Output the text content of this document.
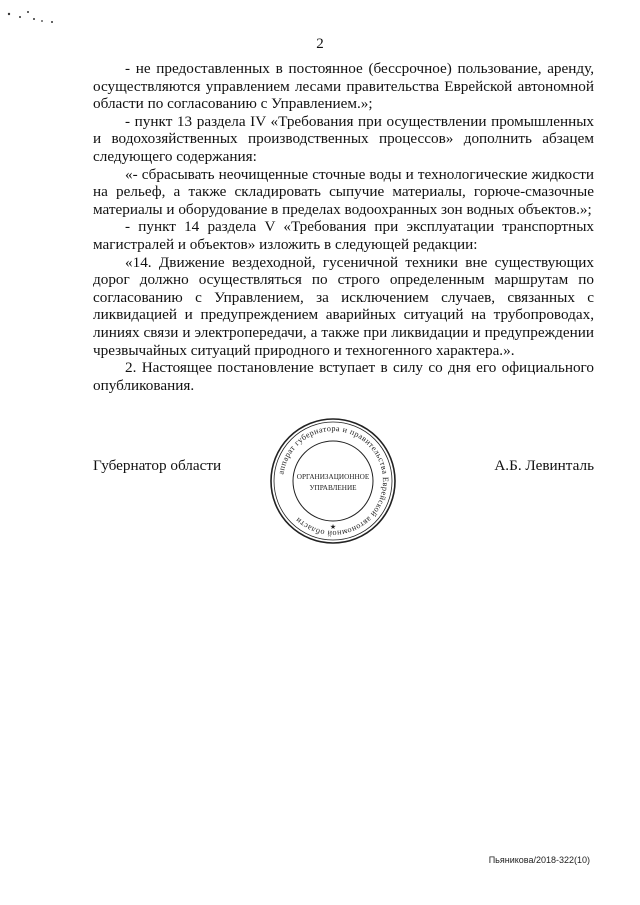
2

- не предоставленных в постоянное (бессрочное) пользование, аренду, осуществляются управлением лесами правительства Еврейской автономной области по согласованию с Управлением.»;

- пункт 13 раздела IV «Требования при осуществлении промышленных и водохозяйственных производственных процессов» дополнить абзацем следующего содержания:

«- сбрасывать неочищенные сточные воды и технологические жидкости на рельеф, а также складировать сыпучие материалы, горюче-смазочные материалы и оборудование в пределах водоохранных зон водных объектов.»;

- пункт 14 раздела V «Требования при эксплуатации транспортных магистралей и объектов» изложить в следующей редакции:

«14. Движение вездеходной, гусеничной техники вне существующих дорог должно осуществляться по строго определенным маршрутам по согласованию с Управлением, за исключением случаев, связанных с ликвидацией и предупреждением аварийных ситуаций на трубопроводах, линиях связи и электропередачи, а также при ликвидации и предупреждении чрезвычайных ситуаций природного и техногенного характера.».

2. Настоящее постановление вступает в силу со дня его официального опубликования.

Губернатор области	аппарат губернатора и правительства Еврейской автономной области
ОРГАНИЗАЦИОННОЕ
УПРАВЛЕНИЕ
★
А.Б. Левинталь
Пьяникова/2018-322(10)
